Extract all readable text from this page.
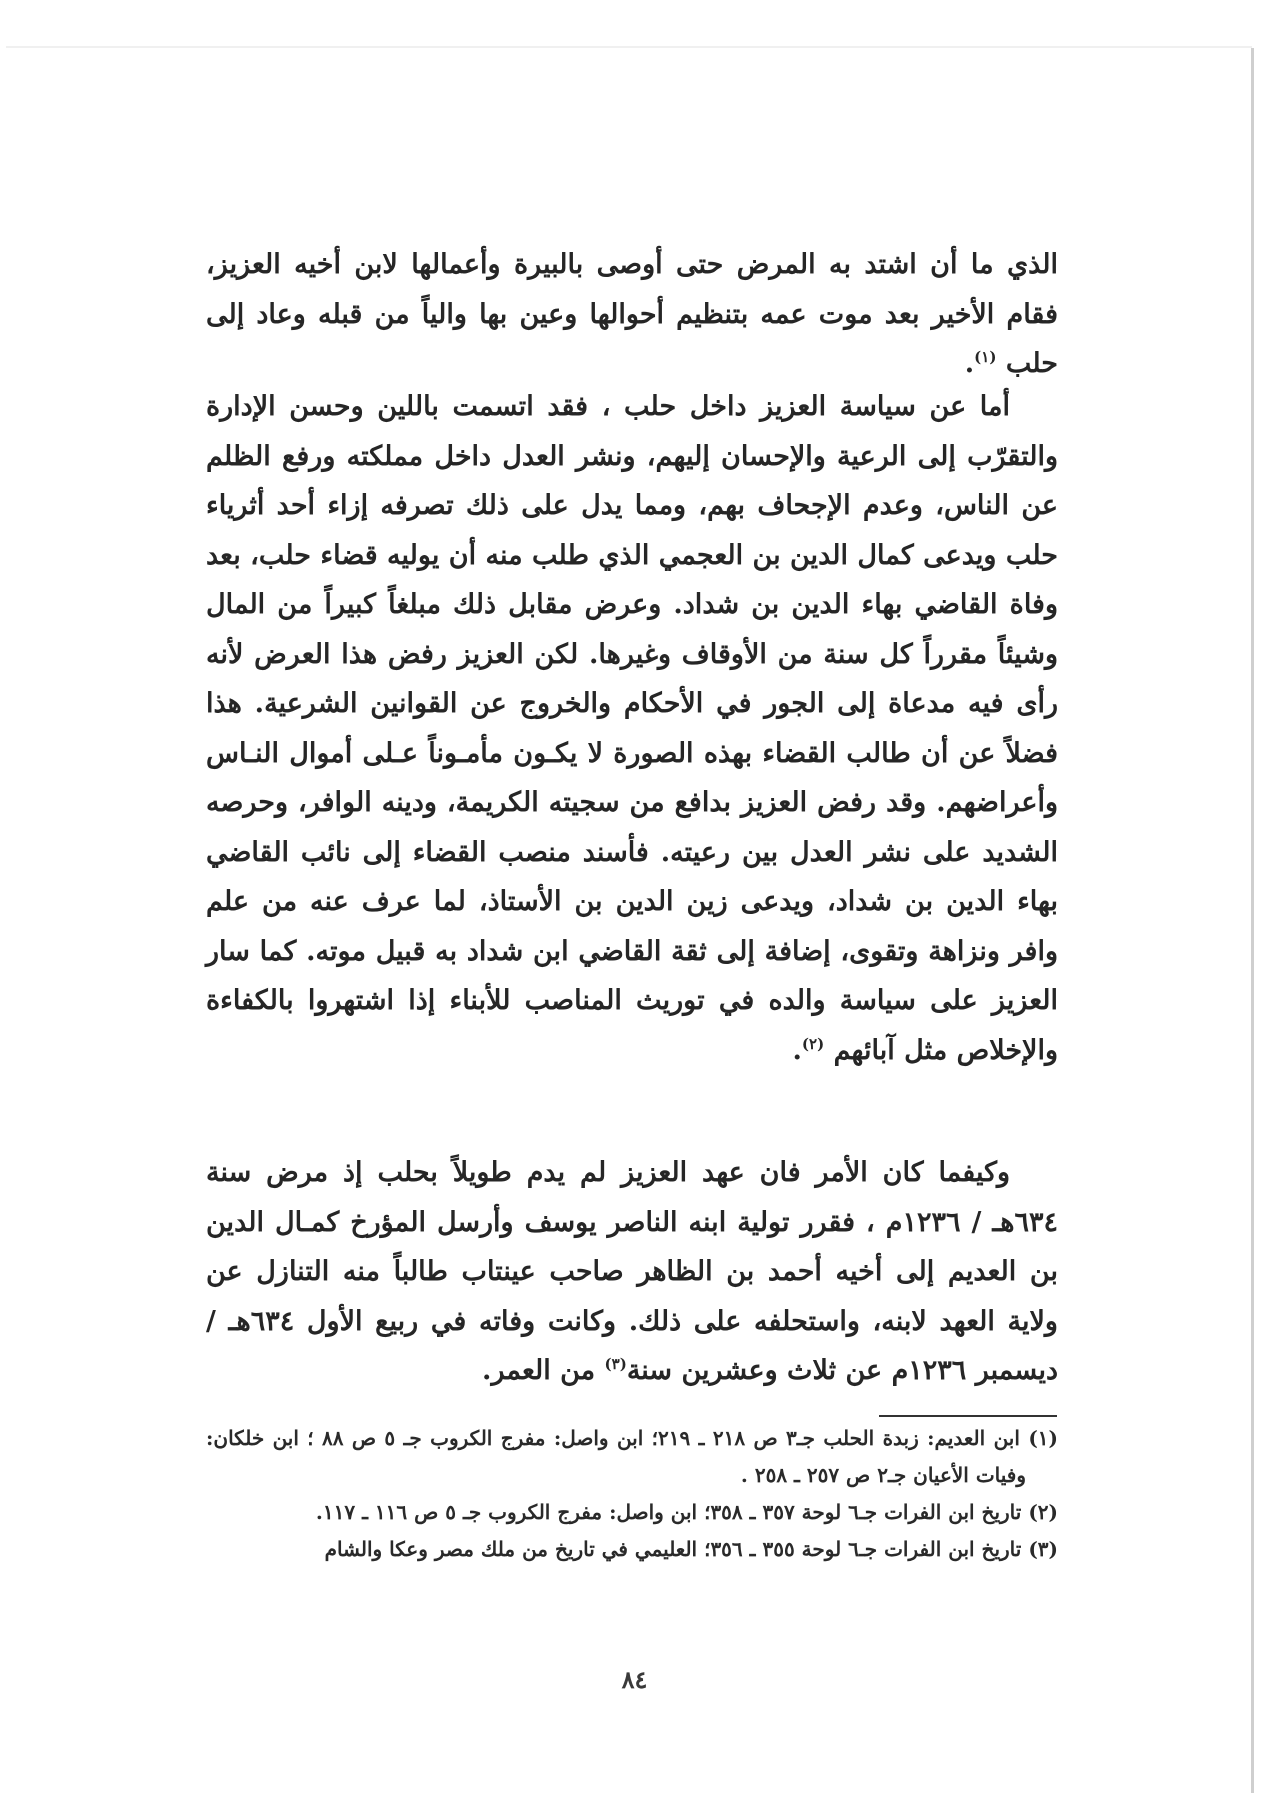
الذي ما أن اشتد به المرض حتى أوصى بالبيرة وأعمالها لابن أخيه العزيز، فقام الأخير بعد موت عمه بتنظيم أحوالها وعين بها والياً من قبله وعاد إلى حلب $^{(١)}$.

أما عن سياسة العزيز داخل حلب ، فقد اتسمت باللين وحسن الإدارة والتقرّب إلى الرعية والإحسان إليهم، ونشر العدل داخل مملكته ورفع الظلم عن الناس، وعدم الإجحاف بهم، ومما يدل على ذلك تصرفه إزاء أحد أثرياء حلب ويدعى كمال الدين بن العجمي الذي طلب منه أن يوليه قضاء حلب، بعد وفاة القاضي بهاء الدين بن شداد. وعرض مقابل ذلك مبلغاً كبيراً من المال وشيئاً مقرراً كل سنة من الأوقاف وغيرها. لكن العزيز رفض هذا العرض لأنه رأى فيه مدعاة إلى الجور في الأحكام والخروج عن القوانين الشرعية. هذا فضلاً عن أن طالب القضاء بهذه الصورة لا يكـون مأمـوناً عـلى أموال النـاس وأعراضهم. وقد رفض العزيز بدافع من سجيته الكريمة، ودينه الوافر، وحرصه الشديد على نشر العدل بين رعيته. فأسند منصب القضاء إلى نائب القاضي بهاء الدين بن شداد، ويدعى زين الدين بن الأستاذ، لما عرف عنه من علم وافر ونزاهة وتقوى، إضافة إلى ثقة القاضي ابن شداد به قبيل موته. كما سار العزيز على سياسة والده في توريث المناصب للأبناء إذا اشتهروا بالكفاءة والإخلاص مثل آبائهم $^{(٢)}$.

وكيفما كان الأمر فان عهد العزيز لم يدم طويلاً بحلب إذ مرض سنة ٦٣٤هـ / ١٢٣٦م ، فقرر تولية ابنه الناصر يوسف وأرسل المؤرخ كمـال الدين بن العديم إلى أخيه أحمد بن الظاهر صاحب عينتاب طالباً منه التنازل عن ولاية العهد لابنه، واستحلفه على ذلك. وكانت وفاته في ربيع الأول ٦٣٤هـ / ديسمبر ١٢٣٦م عن ثلاث وعشرين سنة$^{(٣)}$ من العمر.

(١) ابن العديم: زبدة الحلب جـ٣ ص ٢١٨ ـ ٢١٩؛ ابن واصل: مفرج الكروب جـ ٥ ص ٨٨ ؛ ابن خلكان: وفيات الأعيان جـ٢ ص ٢٥٧ ـ ٢٥٨ .

(٢) تاريخ ابن الفرات جـ٦ لوحة ٣٥٧ ـ ٣٥٨؛ ابن واصل: مفرج الكروب جـ ٥ ص ١١٦ ـ ١١٧.

(٣) تاريخ ابن الفرات جـ٦ لوحة ٣٥٥ ـ ٣٥٦؛ العليمي في تاريخ من ملك مصر وعكا والشام

٨٤
